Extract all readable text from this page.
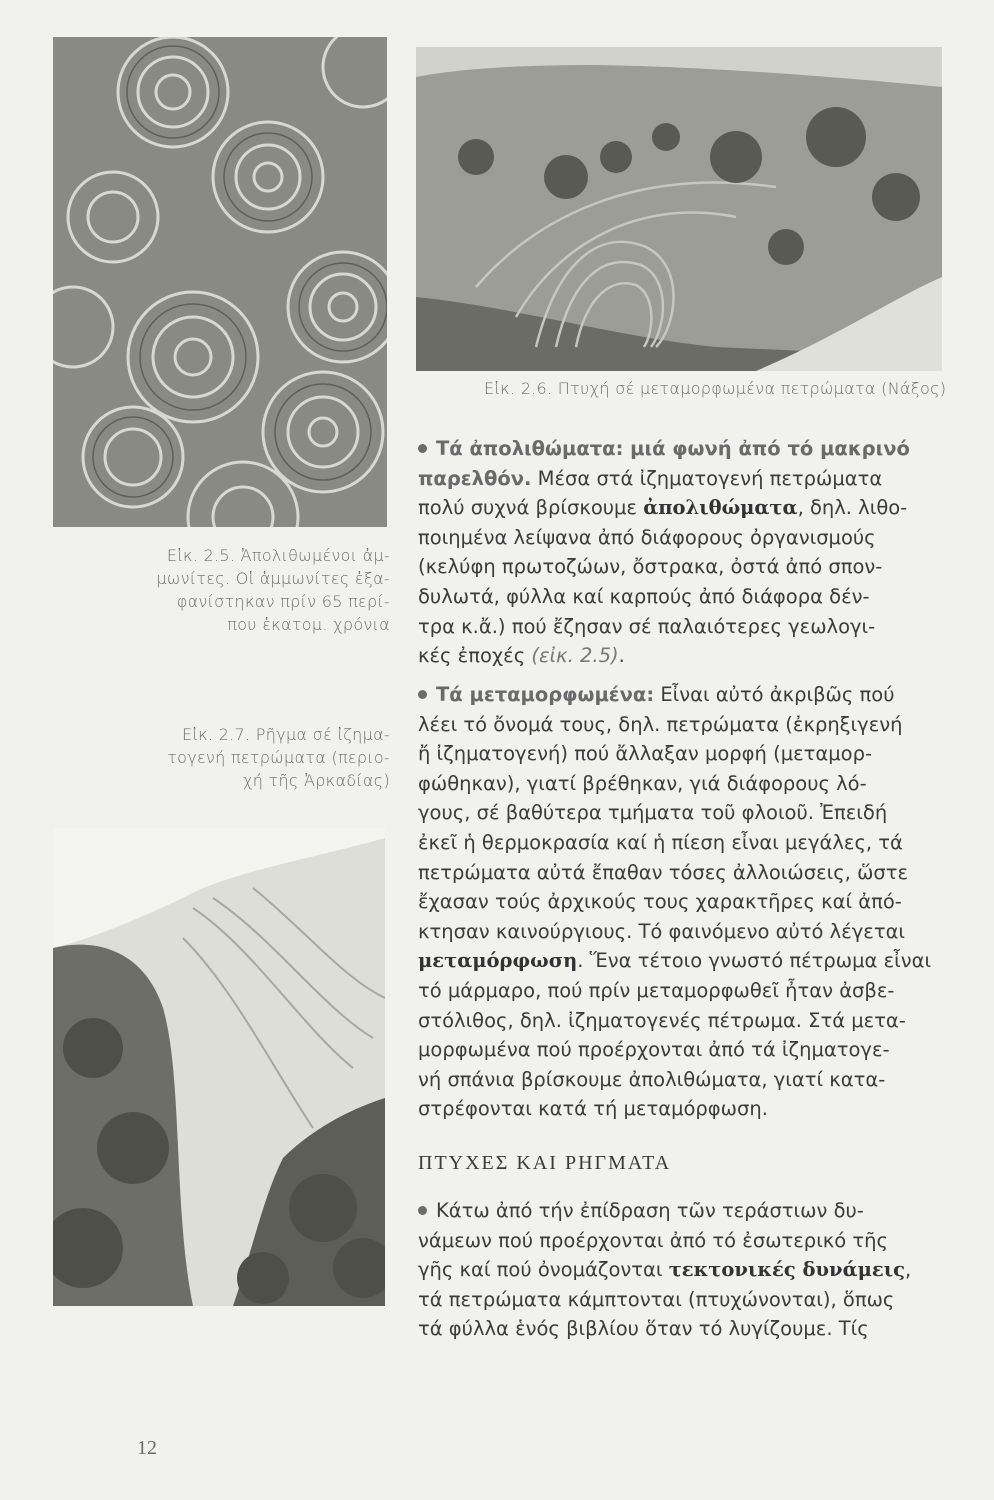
Εἰκ. 2.6. Πτυχή σέ μεταμορφωμένα πετρώματα (Νάξος)
Εἰκ. 2.5. Ἀπολιθωμένοι ἀμ-
μωνίτες. Οἱ ἀμμωνίτες ἐξα-
φανίστηκαν πρίν 65 περί-
που ἑκατομ. χρόνια
Εἰκ. 2.7. Ρῆγμα σέ ἰζημα-
τογενή πετρώματα (περιο-
χή τῆς Ἀρκαδίας)
Τά ἀπολιθώματα: μιά φωνή ἀπό τό μακρινό
παρελθόν. Μέσα στά ἰζηματογενή πετρώματα
πολύ συχνά βρίσκουμε ἀπολιθώματα, δηλ. λιθο-
ποιημένα λείψανα ἀπό διάφορους ὀργανισμούς
(κελύφη πρωτοζώων, ὄστρακα, ὀστά ἀπό σπον-
δυλωτά, φύλλα καί καρπούς ἀπό διάφορα δέν-
τρα κ.ἄ.) πού ἔζησαν σέ παλαιότερες γεωλογι-
κές ἐποχές (εἰκ. 2.5).
Τά μεταμορφωμένα: Εἶναι αὐτό ἀκριβῶς πού
λέει τό ὄνομά τους, δηλ. πετρώματα (ἐκρηξιγενή
ἤ ἰζηματογενή) πού ἄλλαξαν μορφή (μεταμορ-
φώθηκαν), γιατί βρέθηκαν, γιά διάφορους λό-
γους, σέ βαθύτερα τμήματα τοῦ φλοιοῦ. Ἐπειδή
ἐκεῖ ἡ θερμοκρασία καί ἡ πίεση εἶναι μεγάλες, τά
πετρώματα αὐτά ἔπαθαν τόσες ἀλλοιώσεις, ὥστε
ἔχασαν τούς ἀρχικούς τους χαρακτῆρες καί ἀπό-
κτησαν καινούργιους. Τό φαινόμενο αὐτό λέγεται
μεταμόρφωση. Ἕνα τέτοιο γνωστό πέτρωμα εἶναι
τό μάρμαρο, πού πρίν μεταμορφωθεῖ ἦταν ἀσβε-
στόλιθος, δηλ. ἰζηματογενές πέτρωμα. Στά μετα-
μορφωμένα πού προέρχονται ἀπό τά ἰζηματογε-
νή σπάνια βρίσκουμε ἀπολιθώματα, γιατί κατα-
στρέφονται κατά τή μεταμόρφωση.
ΠΤΥΧΕΣ ΚΑΙ ΡΗΓΜΑΤΑ
Κάτω ἀπό τήν ἐπίδραση τῶν τεράστιων δυ-
νάμεων πού προέρχονται ἀπό τό ἐσωτερικό τῆς
γῆς καί πού ὀνομάζονται τεκτονικές δυνάμεις,
τά πετρώματα κάμπτονται (πτυχώνονται), ὅπως
τά φύλλα ἑνός βιβλίου ὅταν τό λυγίζουμε. Τίς
12
